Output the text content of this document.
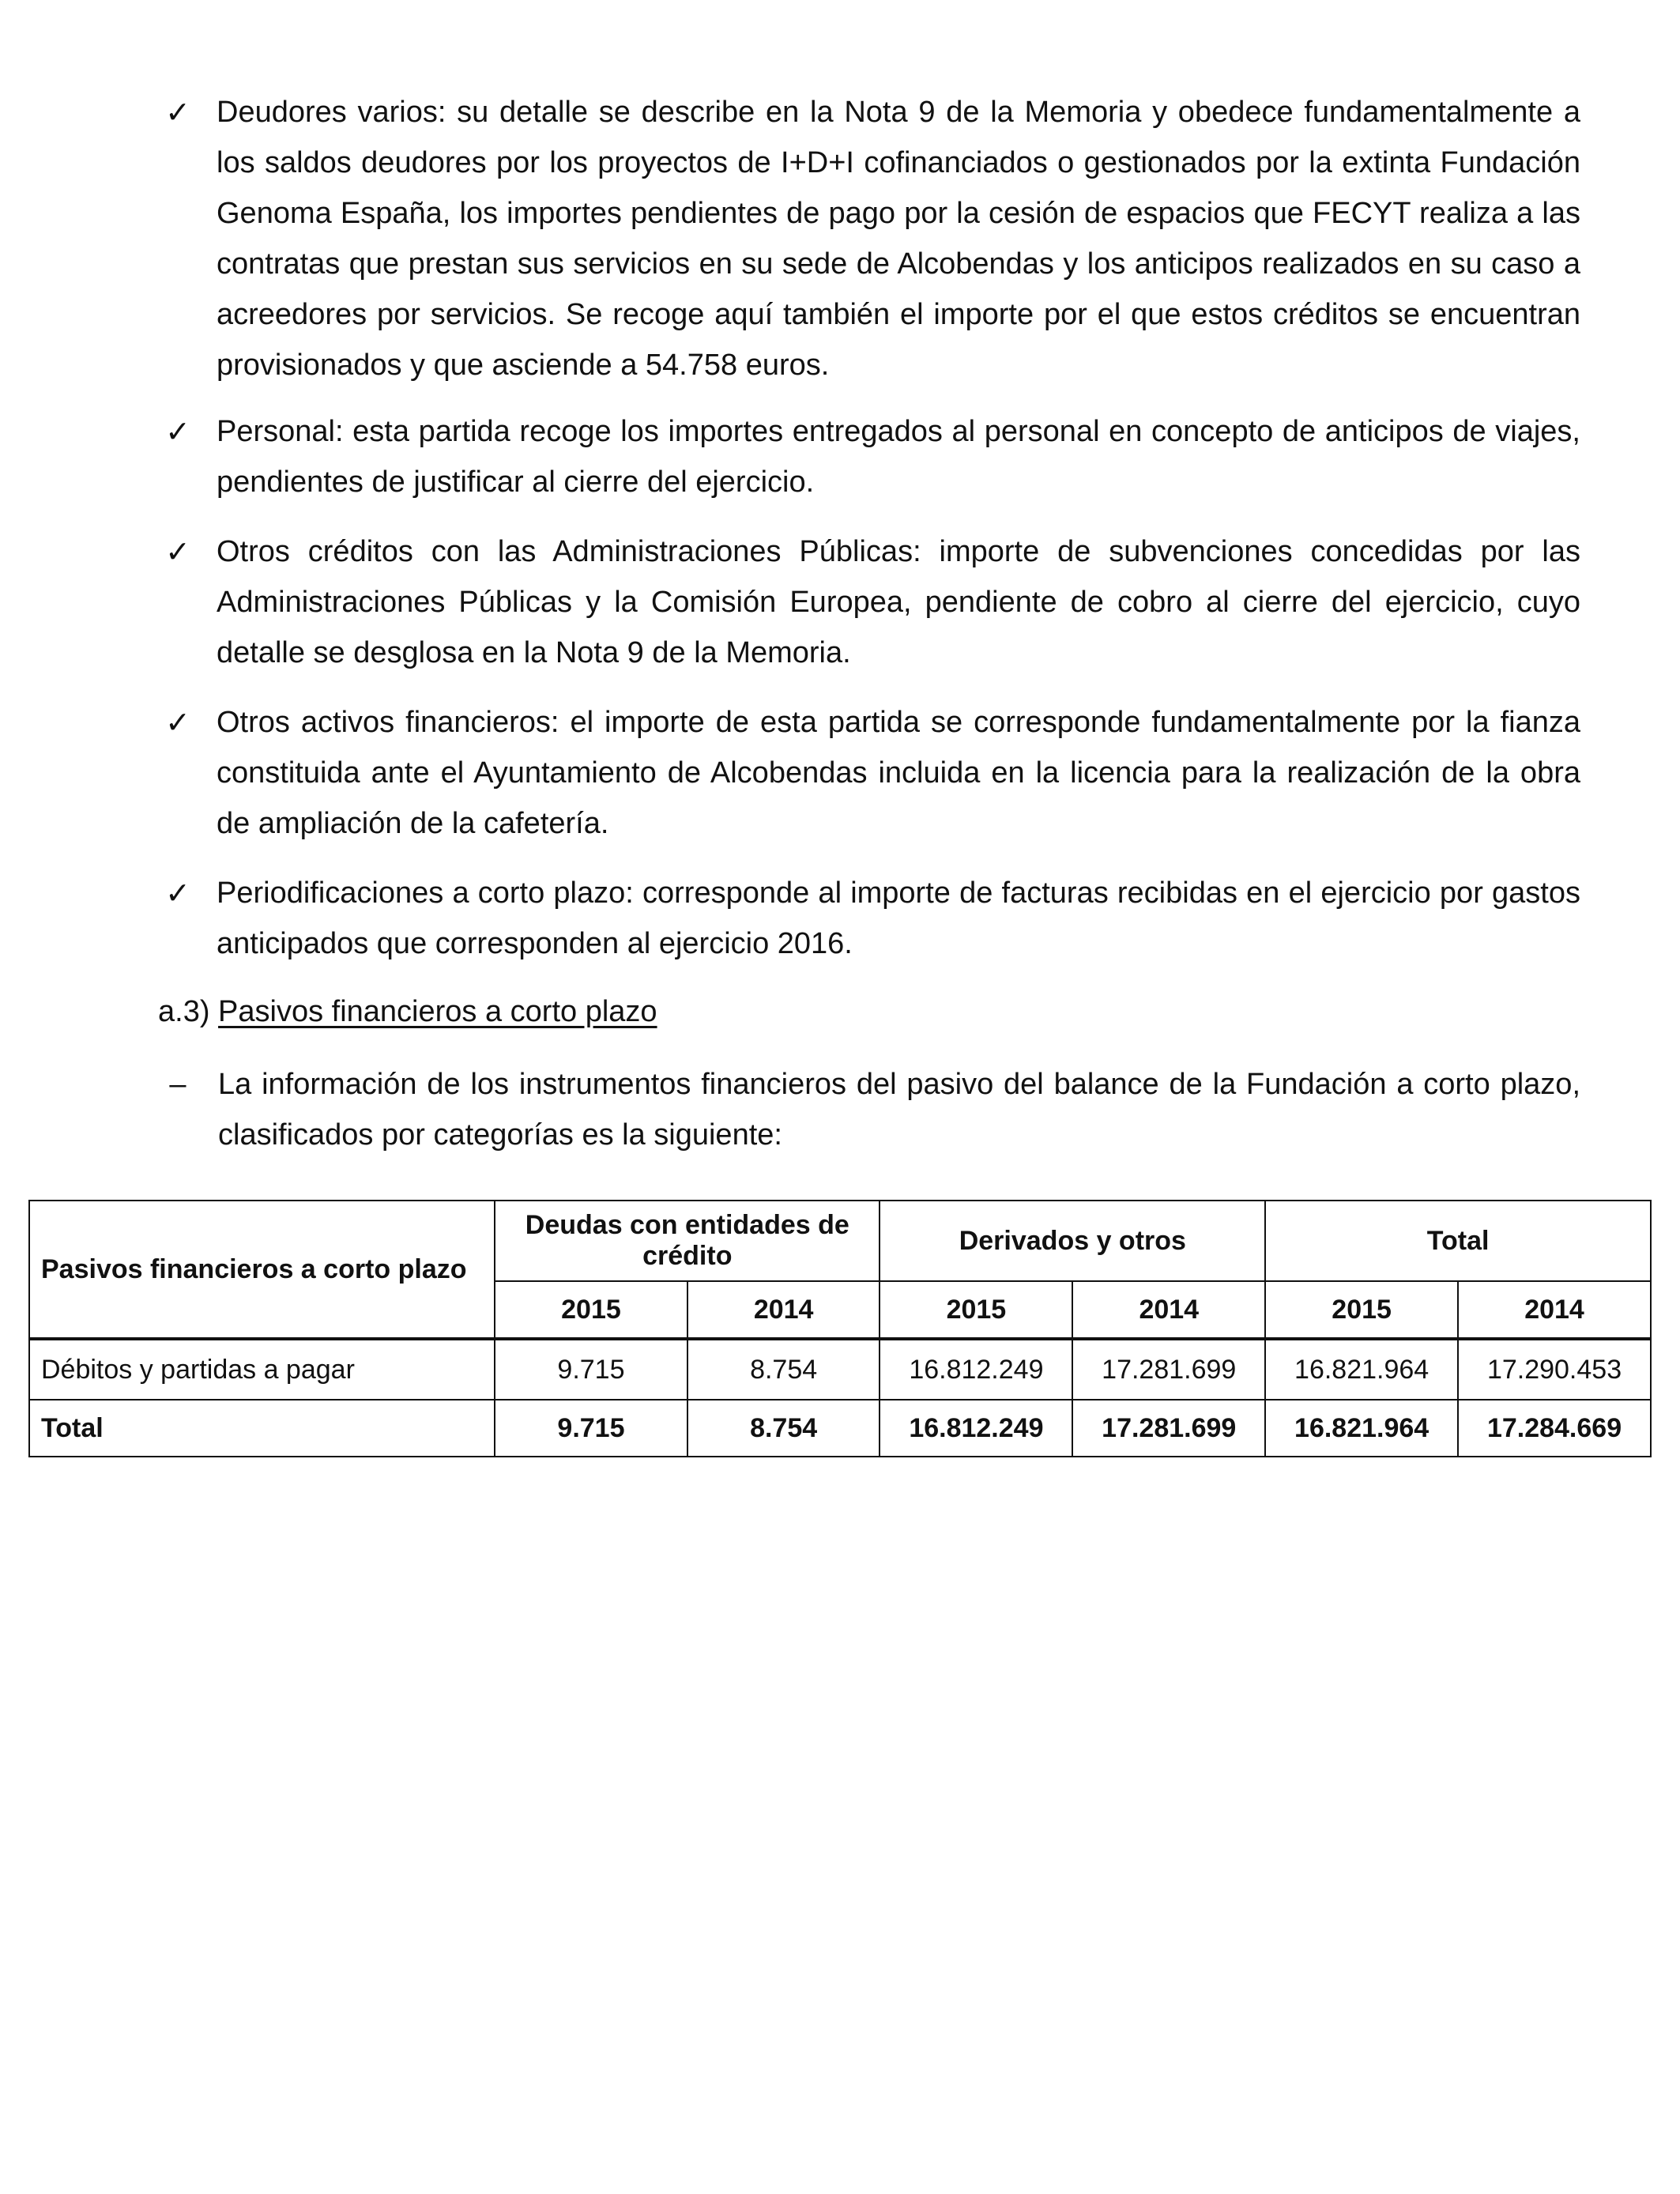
✓ Deudores varios: su detalle se describe en la Nota 9 de la Memoria y obedece fundamentalmente a los saldos deudores por los proyectos de I+D+I cofinanciados o gestionados por la extinta Fundación Genoma España, los importes pendientes de pago por la cesión de espacios que FECYT realiza a las contratas que prestan sus servicios en su sede de Alcobendas y los anticipos realizados en su caso a acreedores por servicios. Se recoge aquí también el importe por el que estos créditos se encuentran provisionados y que asciende a 54.758 euros.
✓ Personal: esta partida recoge los importes entregados al personal en concepto de anticipos de viajes, pendientes de justificar al cierre del ejercicio.
✓ Otros créditos con las Administraciones Públicas: importe de subvenciones concedidas por las Administraciones Públicas y la Comisión Europea, pendiente de cobro al cierre del ejercicio, cuyo detalle se desglosa en la Nota 9 de la Memoria.
✓ Otros activos financieros: el importe de esta partida se corresponde fundamentalmente por la fianza constituida ante el Ayuntamiento de Alcobendas incluida en la licencia para la realización de la obra de ampliación de la cafetería.
✓ Periodificaciones a corto plazo: corresponde al importe de facturas recibidas en el ejercicio por gastos anticipados que corresponden al ejercicio 2016.
a.3) Pasivos financieros a corto plazo
–	La información de los instrumentos financieros del pasivo del balance de la Fundación a corto plazo, clasificados por categorías es la siguiente:
Pasivos financieros a corto plazo	Deudas con entidades de crédito		Derivados y otros		Total	
	2015	2014	2015	2014	2015	2014
Débitos y partidas a pagar	9.715	8.754	16.812.249	17.281.699	16.821.964	17.290.453
Total	9.715	8.754	16.812.249	17.281.699	16.821.964	17.284.669
